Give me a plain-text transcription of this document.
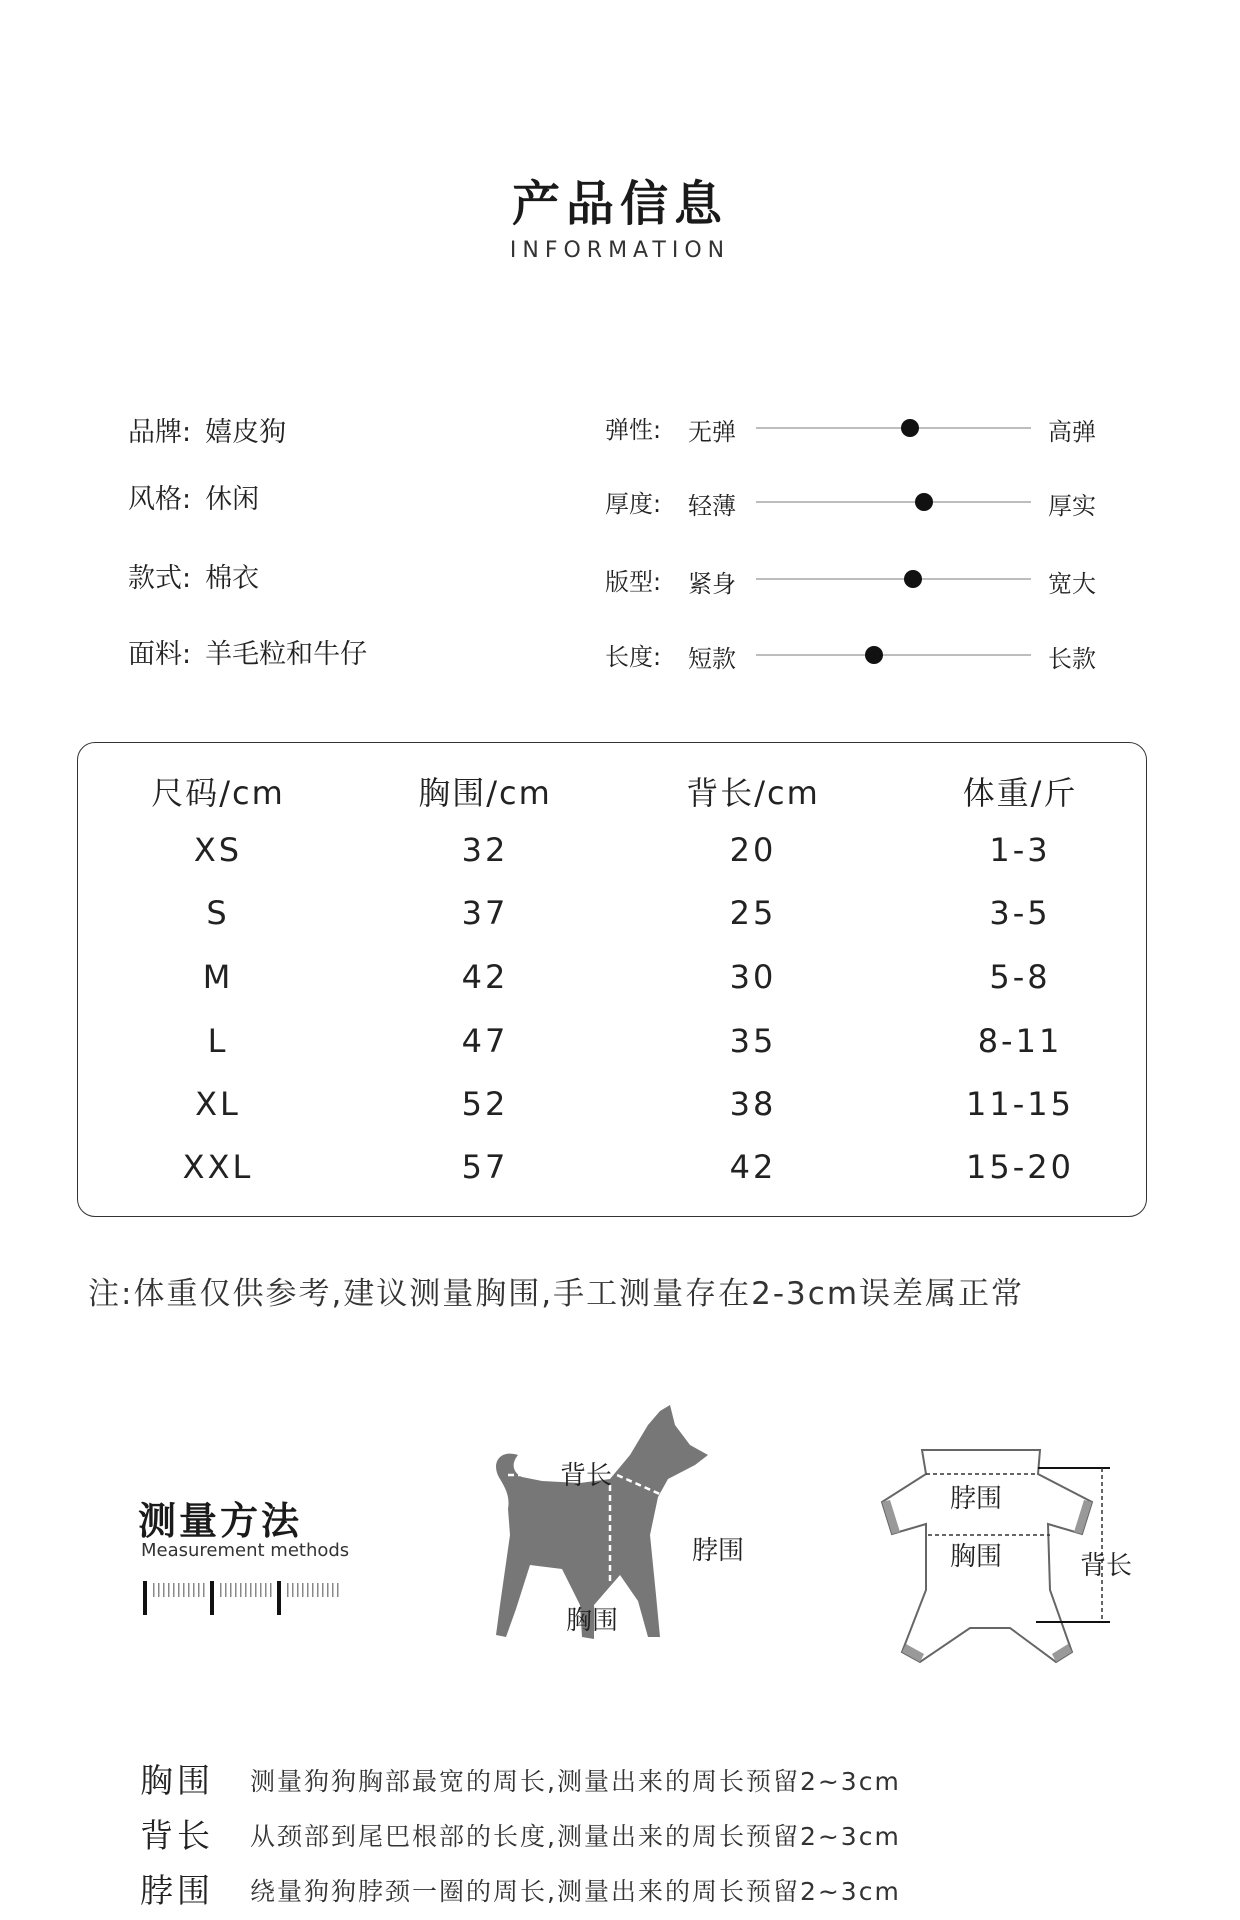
产品信息
INFORMATION
品牌: 嬉皮狗
风格: 休闲
款式: 棉衣
面料: 羊毛粒和牛仔
弹性: 无弹	高弹
厚度: 轻薄	厚实
版型: 紧身	宽大
长度: 短款	长款
尺码/cm	胸围/cm	背长/cm	体重/斤
XS	32	20	1-3
S	37	25	3-5
M	42	30	5-8
L	47	35	8-11
XL	52	38	11-15
XXL	57	42	15-20
注:体重仅供参考,建议测量胸围,手工测量存在2-3cm误差属正常
测量方法
Measurement methods
背长
脖围
胸围
脖围
胸围	背长
胸围 测量狗狗胸部最宽的周长,测量出来的周长预留2~3cm
背长 从颈部到尾巴根部的长度,测量出来的周长预留2~3cm
脖围 绕量狗狗脖颈一圈的周长,测量出来的周长预留2~3cm
